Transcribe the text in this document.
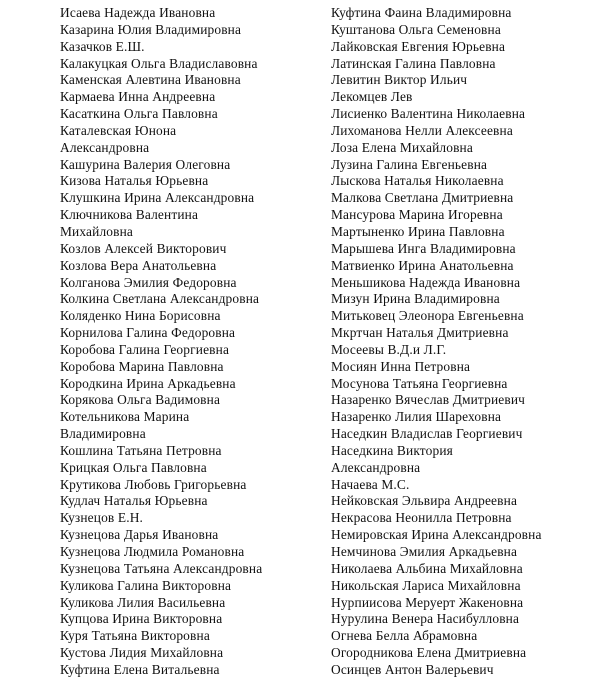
Исаева Надежда Ивановна
Казарина Юлия Владимировна
Казачков Е.Ш.
Калакуцкая Ольга Владиславовна
Каменская Алевтина Ивановна
Кармаева Инна Андреевна
Касаткина Ольга Павловна
Каталевская Юнона
Александровна
Кашурина Валерия Олеговна
Кизова Наталья Юрьевна
Клушкина Ирина Александровна
Ключникова Валентина
Михайловна
Козлов Алексей Викторович
Козлова Вера Анатольевна
Колганова Эмилия Федоровна
Колкина Светлана Александровна
Коляденко Нина Борисовна
Корнилова Галина Федоровна
Коробова Галина Георгиевна
Коробова Марина Павловна
Кородкина Ирина Аркадьевна
Корякова Ольга Вадимовна
Котельникова Марина
Владимировна
Кошлина Татьяна Петровна
Крицкая Ольга Павловна
Крутикова Любовь Григорьевна
Кудлач Наталья Юрьевна
Кузнецов Е.Н.
Кузнецова Дарья Ивановна
Кузнецова Людмила Романовна
Кузнецова Татьяна Александровна
Куликова Галина Викторовна
Куликова Лилия Васильевна
Купцова Ирина Викторовна
Куря Татьяна Викторовна
Кустова Лидия Михайловна
Куфтина Елена Витальевна
Куфтина Фаина Владимировна
Куштанова Ольга Семеновна
Лайковская Евгения Юрьевна
Латинская Галина Павловна
Левитин Виктор Ильич
Лекомцев Лев
Лисиенко Валентина Николаевна
Лихоманова Нелли Алексеевна
Лоза Елена Михайловна
Лузина Галина Евгеньевна
Лыскова Наталья Николаевна
Малкова Светлана Дмитриевна
Мансурова Марина Игоревна
Мартыненко Ирина Павловна
Марышева Инга Владимировна
Матвиенко Ирина Анатольевна
Меньшикова Надежда Ивановна
Мизун Ирина Владимировна
Митьковец Элеонора Евгеньевна
Мкртчан Наталья Дмитриевна
Мосеевы В.Д.и Л.Г.
Мосиян Инна Петровна
Мосунова Татьяна Георгиевна
Назаренко Вячеслав Дмитриевич
Назаренко Лилия Шареховна
Наседкин Владислав Георгиевич
Наседкина Виктория
Александровна
Начаева М.С.
Нейковская Эльвира Андреевна
Некрасова Неонилла Петровна
Немировская Ирина Александровна
Немчинова Эмилия Аркадьевна
Николаева Альбина Михайловна
Никольская Лариса Михайловна
Нурпиисова Меруерт Жакеновна
Нурулина Венера Насибулловна
Огнева Белла Абрамовна
Огородникова Елена Дмитриевна
Осинцев Антон Валерьевич
